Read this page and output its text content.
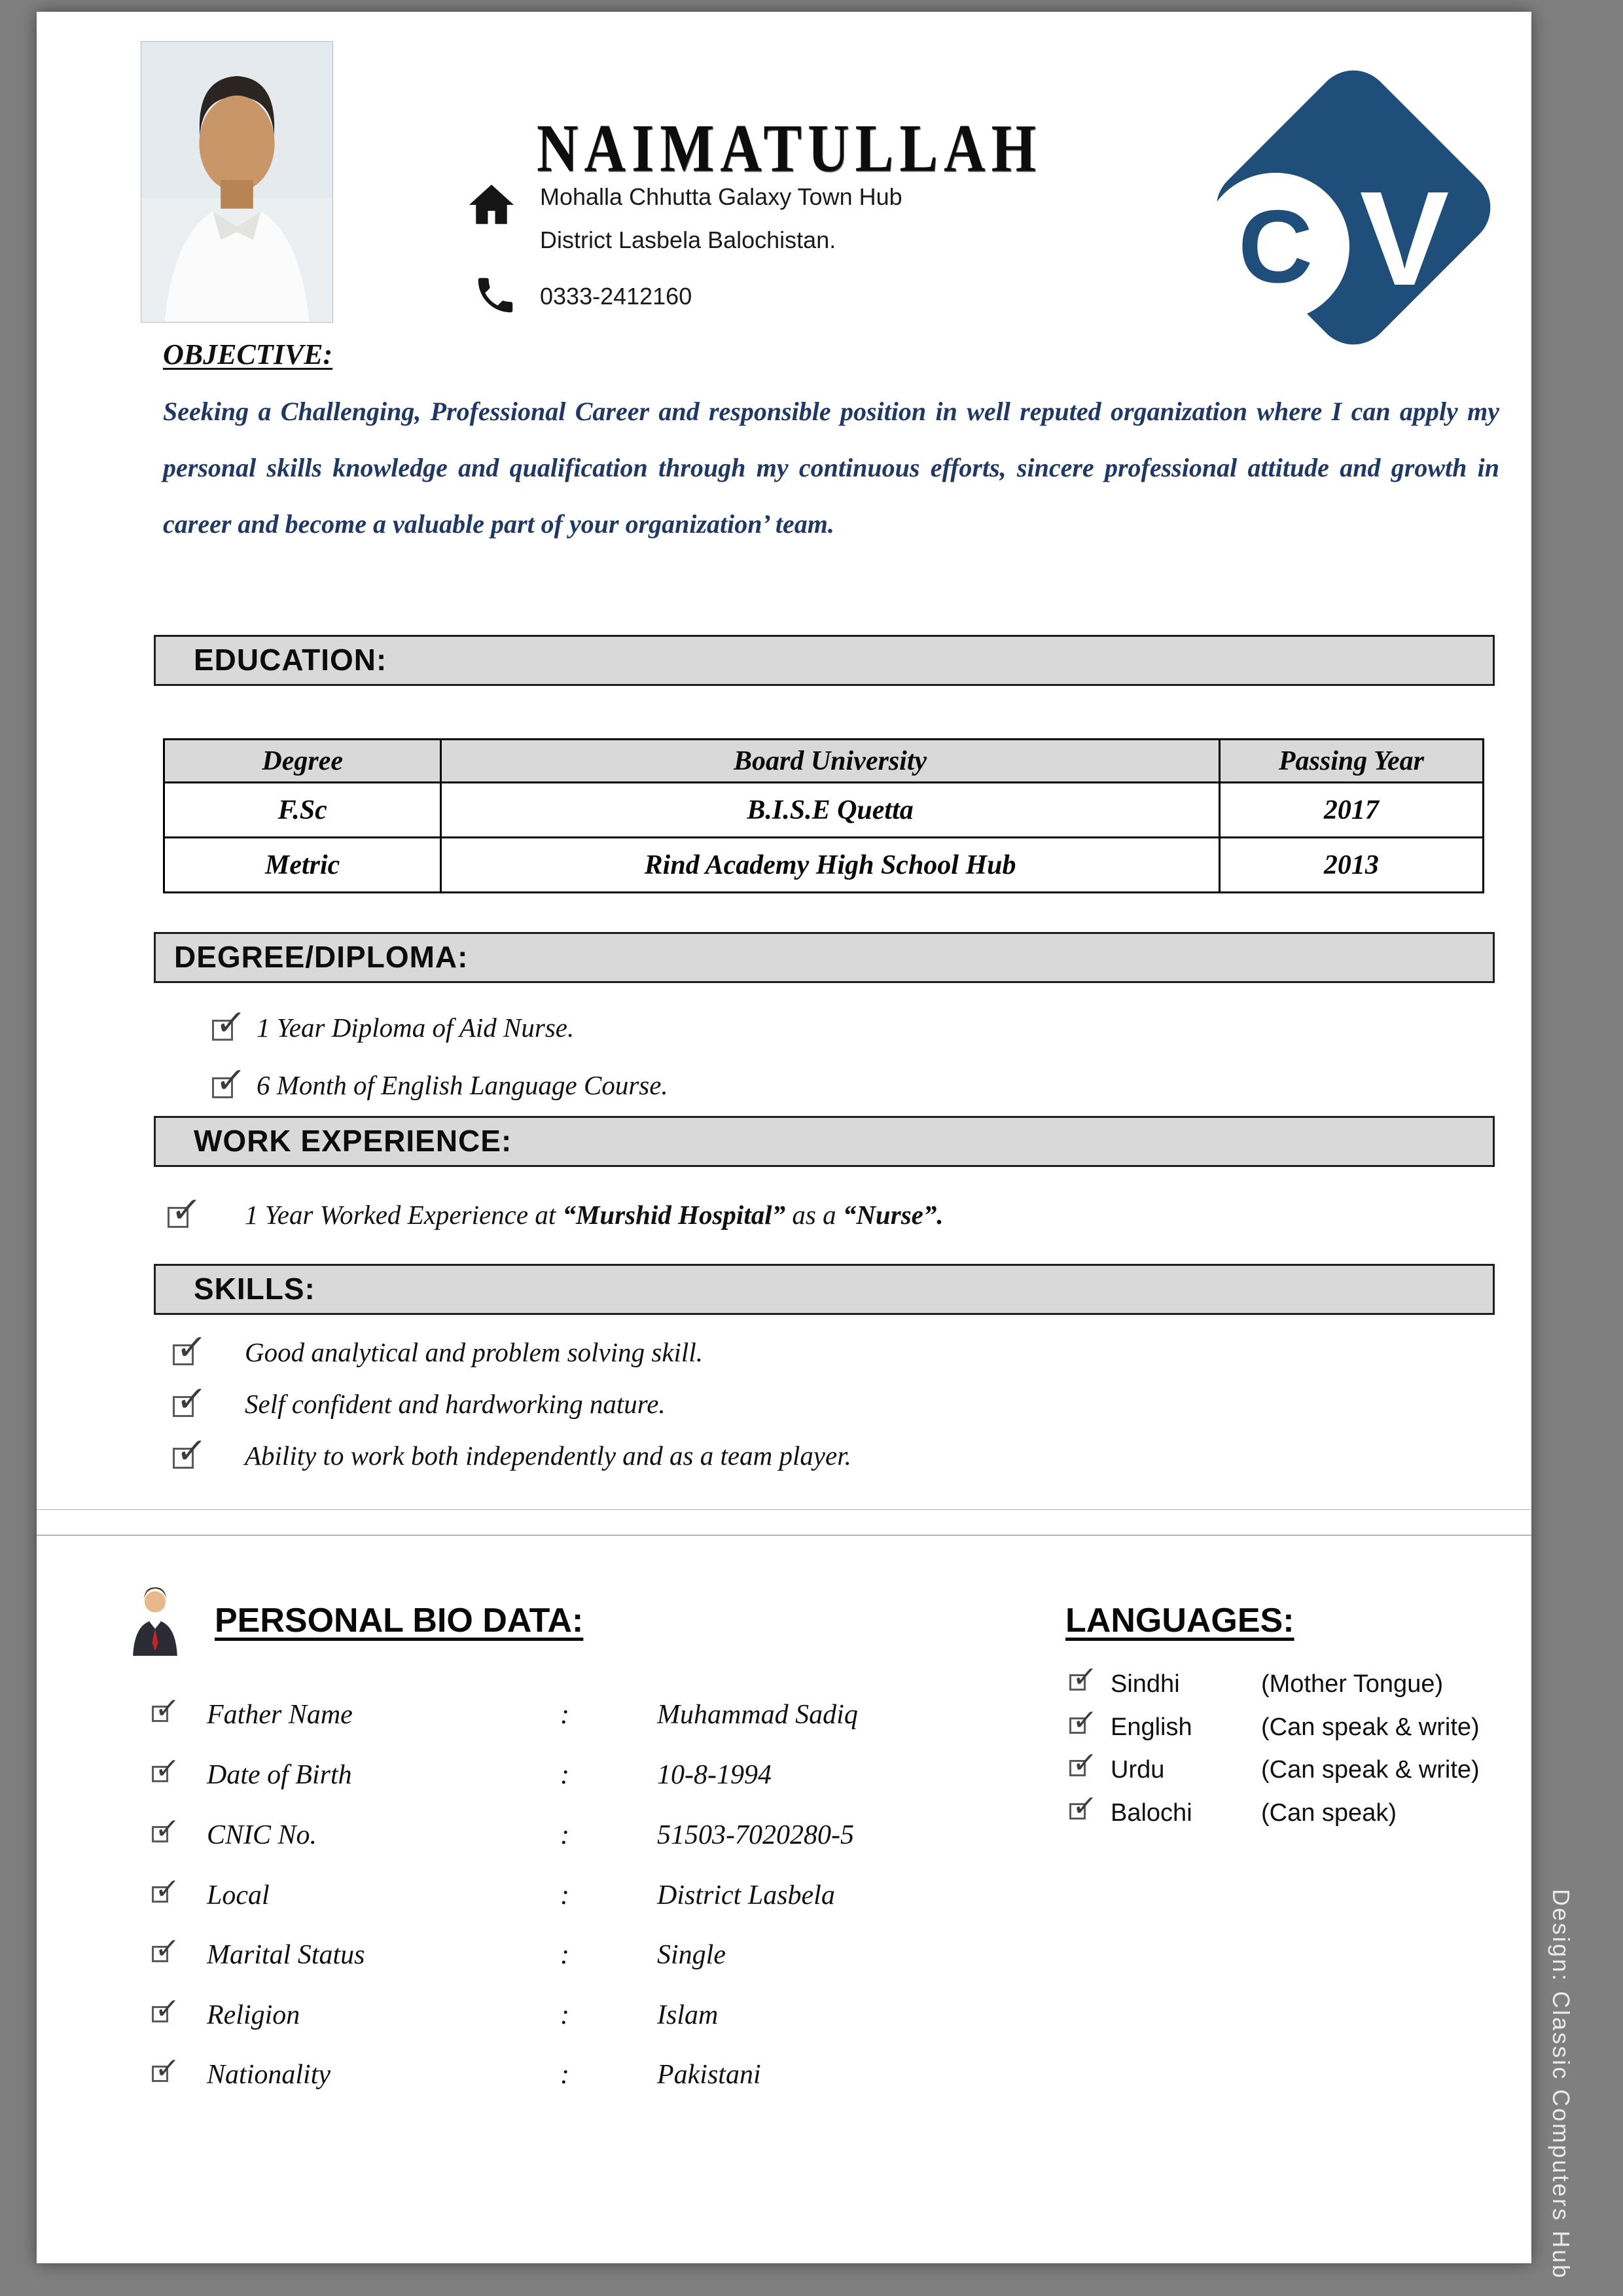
NAIMATULLAH
Mohalla Chhutta Galaxy Town Hub
District Lasbela Balochistan.
0333-2412160	C V
OBJECTIVE:
Seeking a Challenging, Professional Career and responsible position in well reputed organization where I can apply my personal skills knowledge and qualification through my continuous efforts, sincere professional attitude and growth in career and become a valuable part of your organization’ team.
EDUCATION:
Degree	Board University	Passing Year
F.Sc	B.I.S.E Quetta	2017
Metric	Rind Academy High School Hub	2013
DEGREE/DIPLOMA:
✓
1 Year Diploma of Aid Nurse.
✓
6 Month of English Language Course.
WORK EXPERIENCE:
✓
1 Year Worked Experience at “Murshid Hospital” as a “Nurse”.
SKILLS:
✓
Good analytical and problem solving skill.
✓
Self confident and hardworking nature.
✓
Ability to work both independently and as a team player.
PERSONAL BIO DATA:	LANGUAGES:
✓
Sindhi	(Mother Tongue)
✓
English	(Can speak & write)
✓
Urdu	(Can speak & write)
✓
Balochi	(Can speak)
✓
Father Name	:	Muhammad Sadiq
✓
Date of Birth	:	10-8-1994
✓
CNIC No.	:	51503-7020280-5
✓
Local	:	District Lasbela
✓
Marital Status	:	Single
✓
Religion	:	Islam
✓
Nationality	:	Pakistani	Design: Classic Computers Hub
